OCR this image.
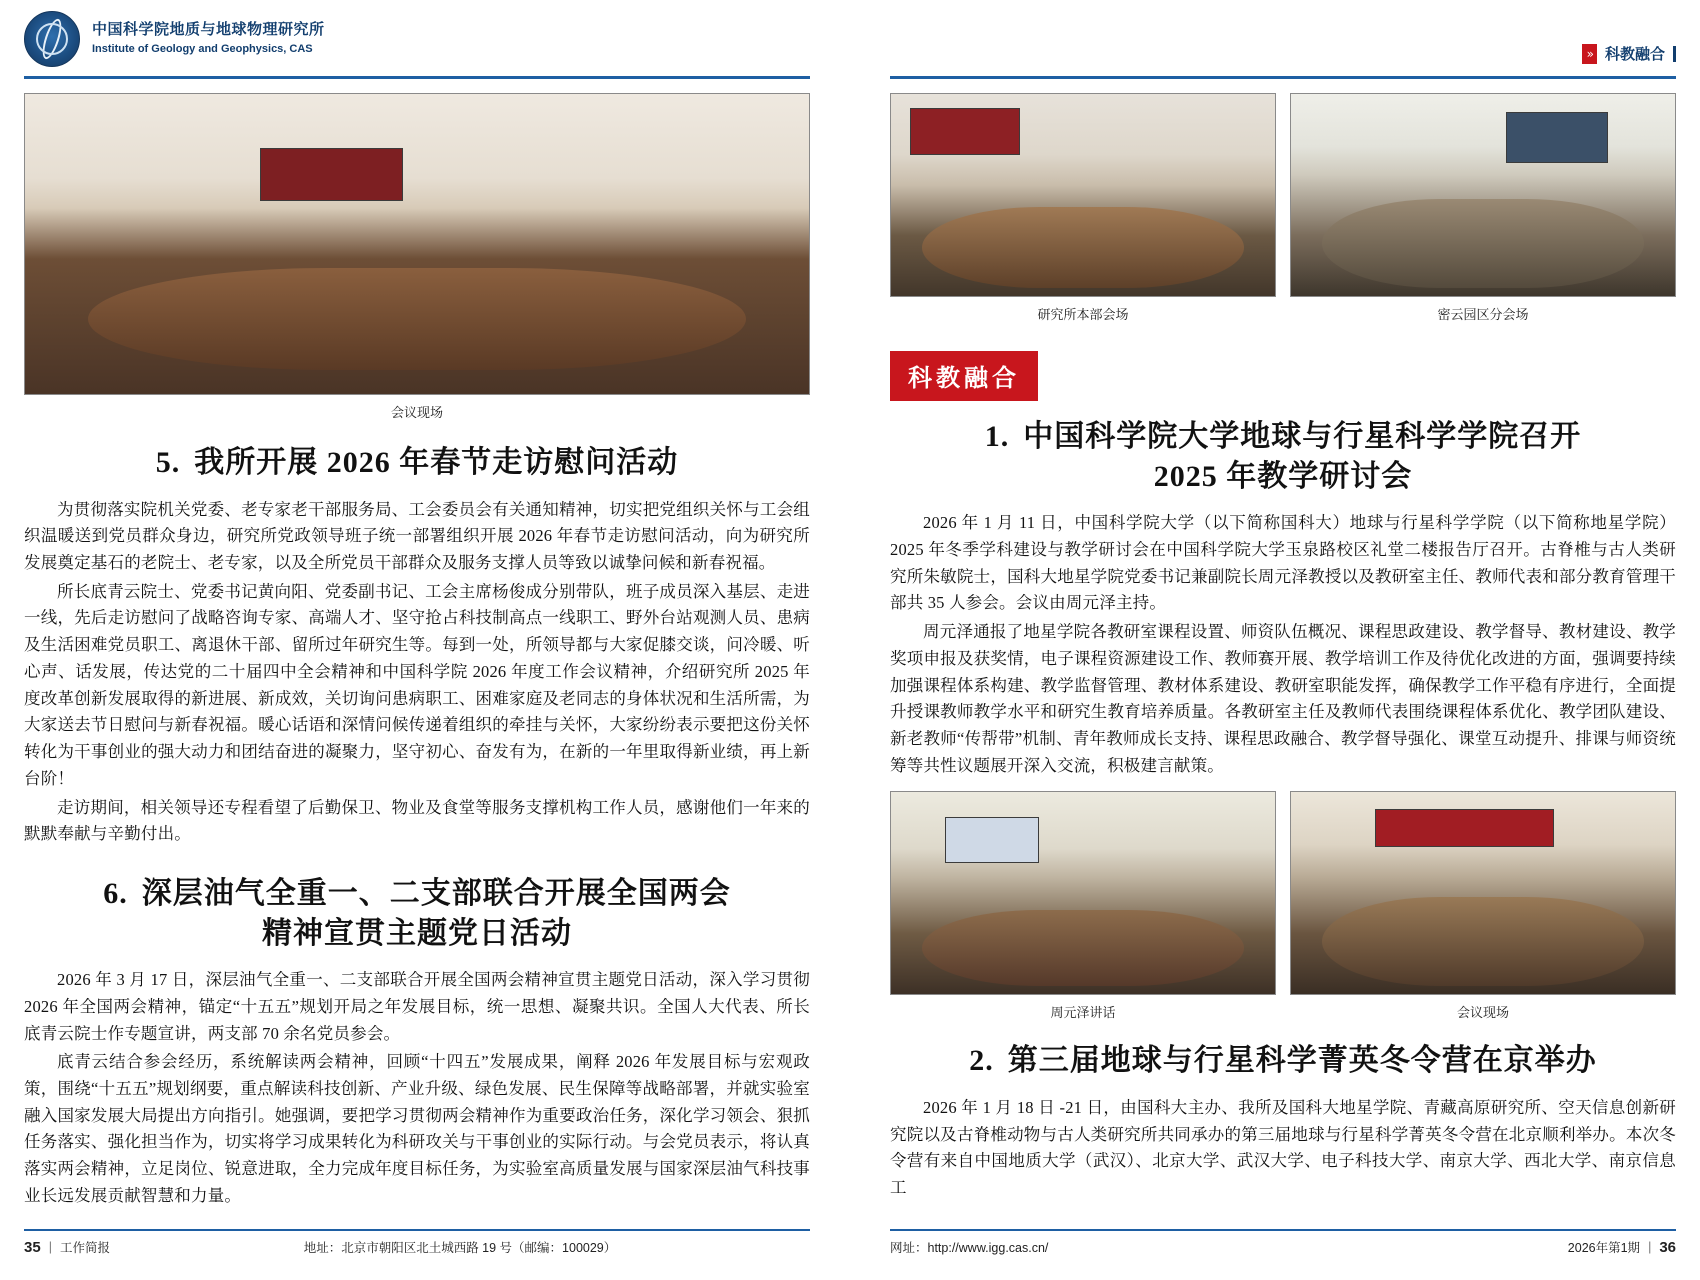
中国科学院地质与地球物理研究所
Institute of Geology and Geophysics, CAS
会议现场
5. 我所开展 2026 年春节走访慰问活动

为贯彻落实院机关党委、老专家老干部服务局、工会委员会有关通知精神，切实把党组织关怀与工会组织温暖送到党员群众身边，研究所党政领导班子统一部署组织开展 2026 年春节走访慰问活动，向为研究所发展奠定基石的老院士、老专家，以及全所党员干部群众及服务支撑人员等致以诚挚问候和新春祝福。

所长底青云院士、党委书记黄向阳、党委副书记、工会主席杨俊成分别带队，班子成员深入基层、走进一线，先后走访慰问了战略咨询专家、高端人才、坚守抢占科技制高点一线职工、野外台站观测人员、患病及生活困难党员职工、离退休干部、留所过年研究生等。每到一处，所领导都与大家促膝交谈，问冷暖、听心声、话发展，传达党的二十届四中全会精神和中国科学院 2026 年度工作会议精神，介绍研究所 2025 年度改革创新发展取得的新进展、新成效，关切询问患病职工、困难家庭及老同志的身体状况和生活所需，为大家送去节日慰问与新春祝福。暖心话语和深情问候传递着组织的牵挂与关怀，大家纷纷表示要把这份关怀转化为干事创业的强大动力和团结奋进的凝聚力，坚守初心、奋发有为，在新的一年里取得新业绩，再上新台阶！

走访期间，相关领导还专程看望了后勤保卫、物业及食堂等服务支撑机构工作人员，感谢他们一年来的默默奉献与辛勤付出。

6. 深层油气全重一、二支部联合开展全国两会
精神宣贯主题党日活动

2026 年 3 月 17 日，深层油气全重一、二支部联合开展全国两会精神宣贯主题党日活动，深入学习贯彻 2026 年全国两会精神，锚定“十五五”规划开局之年发展目标，统一思想、凝聚共识。全国人大代表、所长底青云院士作专题宣讲，两支部 70 余名党员参会。

底青云结合参会经历，系统解读两会精神，回顾“十四五”发展成果，阐释 2026 年发展目标与宏观政策，围绕“十五五”规划纲要，重点解读科技创新、产业升级、绿色发展、民生保障等战略部署，并就实验室融入国家发展大局提出方向指引。她强调，要把学习贯彻两会精神作为重要政治任务，深化学习领会、狠抓任务落实、强化担当作为，切实将学习成果转化为科研攻关与干事创业的实际行动。与会党员表示，将认真落实两会精神，立足岗位、锐意进取，全力完成年度目标任务，为实验室高质量发展与国家深层油气科技事业长远发展贡献智慧和力量。

35 | 工作简报	地址：北京市朝阳区北土城西路 19 号（邮编：100029）
» 科教融合
研究所本部会场	密云园区分会场
科教融合
1. 中国科学院大学地球与行星科学学院召开
2025 年教学研讨会

2026 年 1 月 11 日，中国科学院大学（以下简称国科大）地球与行星科学学院（以下简称地星学院）2025 年冬季学科建设与教学研讨会在中国科学院大学玉泉路校区礼堂二楼报告厅召开。古脊椎与古人类研究所朱敏院士，国科大地星学院党委书记兼副院长周元泽教授以及教研室主任、教师代表和部分教育管理干部共 35 人参会。会议由周元泽主持。

周元泽通报了地星学院各教研室课程设置、师资队伍概况、课程思政建设、教学督导、教材建设、教学奖项申报及获奖情，电子课程资源建设工作、教师赛开展、教学培训工作及待优化改进的方面，强调要持续加强课程体系构建、教学监督管理、教材体系建设、教研室职能发挥，确保教学工作平稳有序进行，全面提升授课教师教学水平和研究生教育培养质量。各教研室主任及教师代表围绕课程体系优化、教学团队建设、新老教师“传帮带”机制、青年教师成长支持、课程思政融合、教学督导强化、课堂互动提升、排课与师资统筹等共性议题展开深入交流，积极建言献策。

周元泽讲话	会议现场
2. 第三届地球与行星科学菁英冬令营在京举办

2026 年 1 月 18 日 -21 日，由国科大主办、我所及国科大地星学院、青藏高原研究所、空天信息创新研究院以及古脊椎动物与古人类研究所共同承办的第三届地球与行星科学菁英冬令营在北京顺利举办。本次冬令营有来自中国地质大学（武汉）、北京大学、武汉大学、电子科技大学、南京大学、西北大学、南京信息工

网址：http://www.igg.cas.cn/	2026年第1期 | 36
